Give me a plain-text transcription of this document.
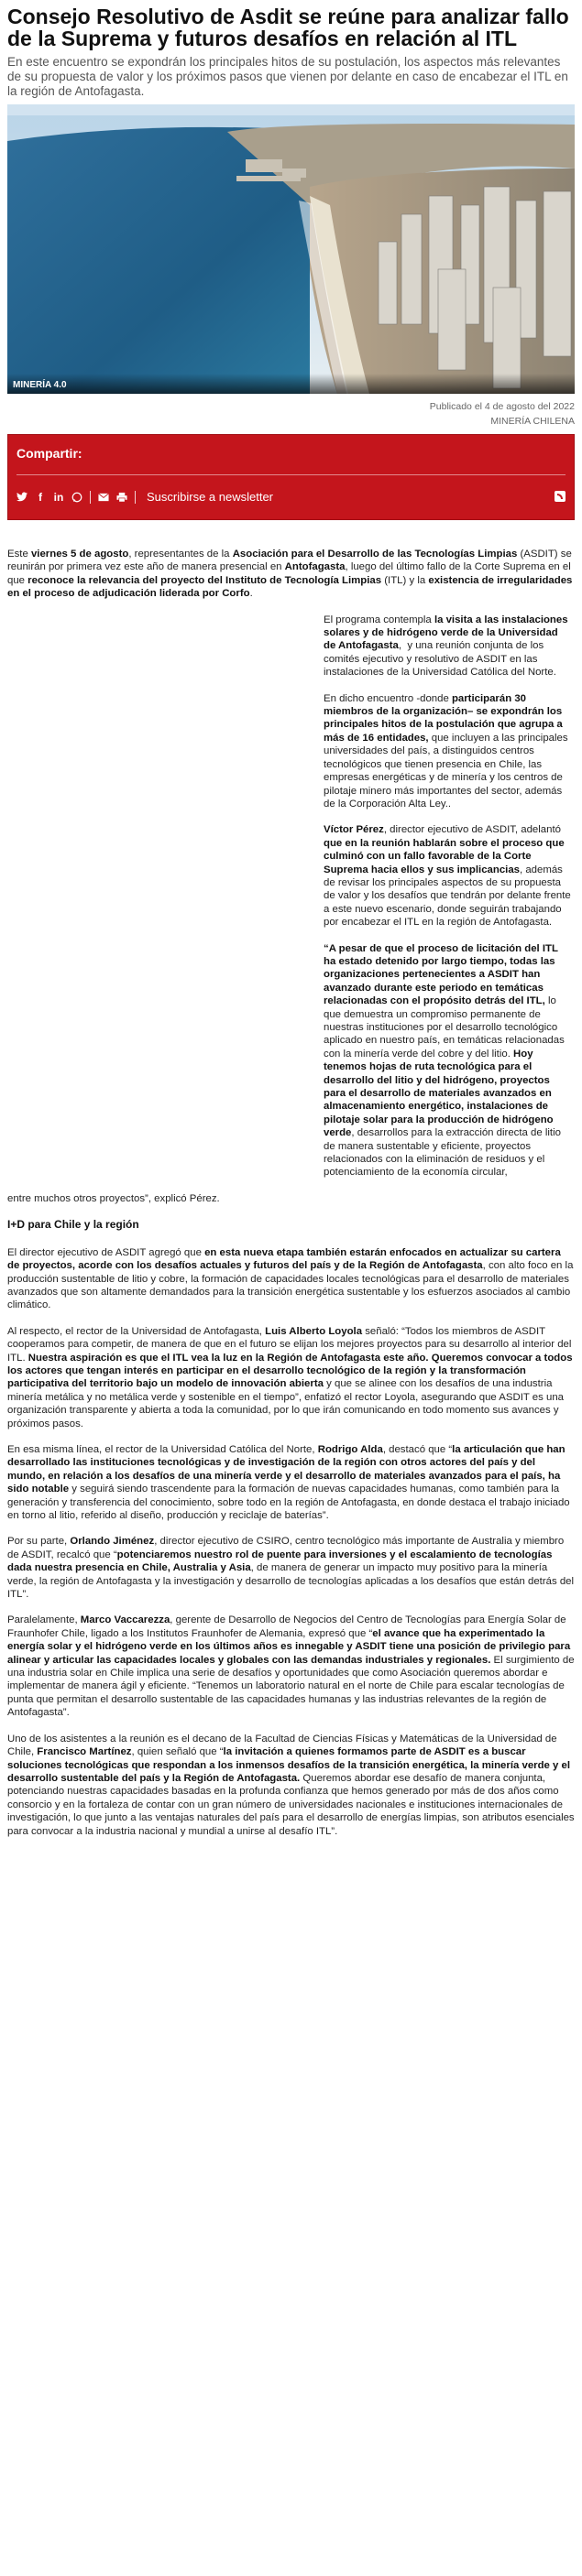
Consejo Resolutivo de Asdit se reúne para analizar fallo de la Suprema y futuros desafíos en relación al ITL
En este encuentro se expondrán los principales hitos de su postulación, los aspectos más relevantes de su propuesta de valor y los próximos pasos que vienen por delante en caso de encabezar el ITL en la región de Antofagasta.
MINERÍA 4.0
Publicado el 4 de agosto del 2022
MINERÍA CHILENA
Compartir:
f	in	Suscribirse a newsletter

Este viernes 5 de agosto, representantes de la Asociación para el Desarrollo de las Tecnologías Limpias (ASDIT) se reunirán por primera vez este año de manera presencial en Antofagasta, luego del último fallo de la Corte Suprema en el que reconoce la relevancia del proyecto del Instituto de Tecnología Limpias (ITL) y la existencia de irregularidades en el proceso de adjudicación liderada por Corfo.

El programa contempla la visita a las instalaciones solares y de hidrógeno verde de la Universidad de Antofagasta,  y una reunión conjunta de los comités ejecutivo y resolutivo de ASDIT en las instalaciones de la Universidad Católica del Norte.

En dicho encuentro -donde participarán 30 miembros de la organización– se expondrán los principales hitos de la postulación que agrupa a más de 16 entidades, que incluyen a las principales universidades del país, a distinguidos centros tecnológicos que tienen presencia en Chile, las empresas energéticas y de minería y los centros de pilotaje minero más importantes del sector, además de la Corporación Alta Ley..

Víctor Pérez, director ejecutivo de ASDIT, adelantó que en la reunión hablarán sobre el proceso que culminó con un fallo favorable de la Corte Suprema hacia ellos y sus implicancias, además de revisar los principales aspectos de su propuesta de valor y los desafíos que tendrán por delante frente a este nuevo escenario, donde seguirán trabajando por encabezar el ITL en la región de Antofagasta.

“A pesar de que el proceso de licitación del ITL ha estado detenido por largo tiempo, todas las organizaciones pertenecientes a ASDIT han avanzado durante este periodo en temáticas relacionadas con el propósito detrás del ITL, lo que demuestra un compromiso permanente de nuestras instituciones por el desarrollo tecnológico aplicado en nuestro país, en temáticas relacionadas con la minería verde del cobre y del litio. Hoy tenemos hojas de ruta tecnológica para el desarrollo del litio y del hidrógeno, proyectos para el desarrollo de materiales avanzados en almacenamiento energético, instalaciones de pilotaje solar para la producción de hidrógeno verde, desarrollos para la extracción directa de litio de manera sustentable y eficiente, proyectos relacionados con la eliminación de residuos y el potenciamiento de la economía circular,

entre muchos otros proyectos”, explicó Pérez.

I+D para Chile y la región

El director ejecutivo de ASDIT agregó que en esta nueva etapa también estarán enfocados en actualizar su cartera de proyectos, acorde con los desafíos actuales y futuros del país y de la Región de Antofagasta, con alto foco en la producción sustentable de litio y cobre, la formación de capacidades locales tecnológicas para el desarrollo de materiales avanzados que son altamente demandados para la transición energética sustentable y los esfuerzos asociados al cambio climático.

Al respecto, el rector de la Universidad de Antofagasta, Luis Alberto Loyola señaló: “Todos los miembros de ASDIT cooperamos para competir, de manera de que en el futuro se elijan los mejores proyectos para su desarrollo al interior del ITL. Nuestra aspiración es que el ITL vea la luz en la Región de Antofagasta este año. Queremos convocar a todos los actores que tengan interés en participar en el desarrollo tecnológico de la región y la transformación participativa del territorio bajo un modelo de innovación abierta y que se alinee con los desafíos de una industria minería metálica y no metálica verde y sostenible en el tiempo”, enfatizó el rector Loyola, asegurando que ASDIT es una organización transparente y abierta a toda la comunidad, por lo que irán comunicando en todo momento sus avances y próximos pasos.

En esa misma línea, el rector de la Universidad Católica del Norte, Rodrigo Alda, destacó que “la articulación que han desarrollado las instituciones tecnológicas y de investigación de la región con otros actores del país y del mundo, en relación a los desafíos de una minería verde y el desarrollo de materiales avanzados para el país, ha sido notable y seguirá siendo trascendente para la formación de nuevas capacidades humanas, como también para la generación y transferencia del conocimiento, sobre todo en la región de Antofagasta, en donde destaca el trabajo iniciado en torno al litio, referido al diseño, producción y reciclaje de baterías”.

Por su parte, Orlando Jiménez, director ejecutivo de CSIRO, centro tecnológico más importante de Australia y miembro de ASDIT, recalcó que “potenciaremos nuestro rol de puente para inversiones y el escalamiento de tecnologías dada nuestra presencia en Chile, Australia y Asia, de manera de generar un impacto muy positivo para la minería verde, la región de Antofagasta y la investigación y desarrollo de tecnologías aplicadas a los desafíos que están detrás del ITL”.

Paralelamente, Marco Vaccarezza, gerente de Desarrollo de Negocios del Centro de Tecnologías para Energía Solar de Fraunhofer Chile, ligado a los Institutos Fraunhofer de Alemania, expresó que “el avance que ha experimentado la energía solar y el hidrógeno verde en los últimos años es innegable y ASDIT tiene una posición de privilegio para alinear y articular las capacidades locales y globales con las demandas industriales y regionales. El surgimiento de una industria solar en Chile implica una serie de desafíos y oportunidades que como Asociación queremos abordar e implementar de manera ágil y eficiente. “Tenemos un laboratorio natural en el norte de Chile para escalar tecnologías de punta que permitan el desarrollo sustentable de las capacidades humanas y las industrias relevantes de la región de Antofagasta”.

Uno de los asistentes a la reunión es el decano de la Facultad de Ciencias Físicas y Matemáticas de la Universidad de Chile, Francisco Martínez, quien señaló que “la invitación a quienes formamos parte de ASDIT es a buscar soluciones tecnológicas que respondan a los inmensos desafíos de la transición energética, la minería verde y el desarrollo sustentable del país y la Región de Antofagasta. Queremos abordar ese desafío de manera conjunta, potenciando nuestras capacidades basadas en la profunda confianza que hemos generado por más de dos años como consorcio y en la fortaleza de contar con un gran número de universidades nacionales e instituciones internacionales de investigación, lo que junto a las ventajas naturales del país para el desarrollo de energías limpias, son atributos esenciales para convocar a la industria nacional y mundial a unirse al desafío ITL”.
